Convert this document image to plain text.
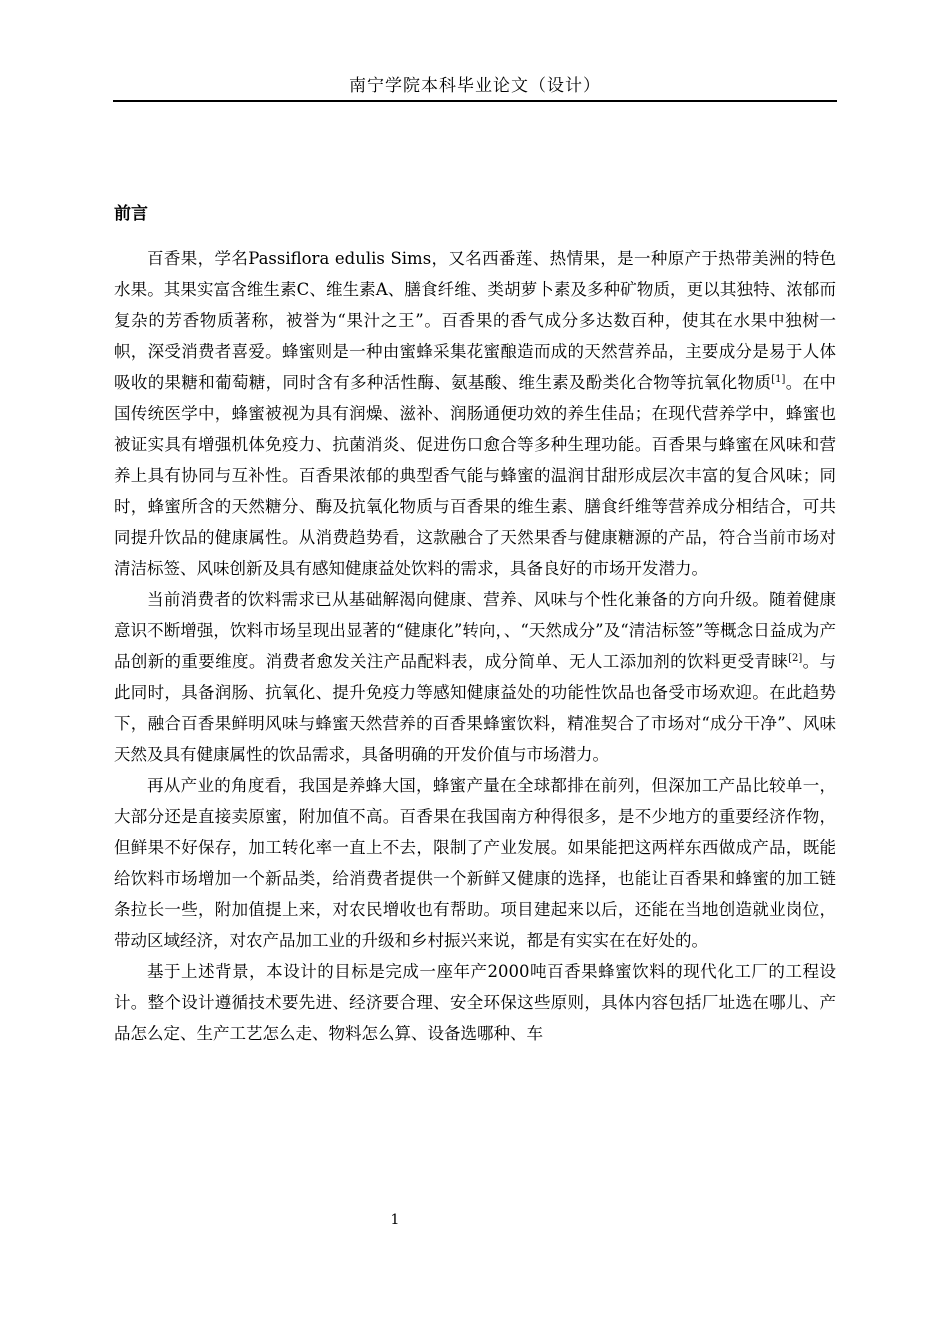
南宁学院本科毕业论文（设计）
前言

百香果，学名Passiflora edulis Sims，又名西番莲、热情果，是一种原产于热带美洲的特色水果。其果实富含维生素C、维生素A、膳食纤维、类胡萝卜素及多种矿物质，更以其独特、浓郁而复杂的芳香物质著称，被誉为“果汁之王”。百香果的香气成分多达数百种，使其在水果中独树一帜，深受消费者喜爱。蜂蜜则是一种由蜜蜂采集花蜜酿造而成的天然营养品，主要成分是易于人体吸收的果糖和葡萄糖，同时含有多种活性酶、氨基酸、维生素及酚类化合物等抗氧化物质[1]。在中国传统医学中，蜂蜜被视为具有润燥、滋补、润肠通便功效的养生佳品；在现代营养学中，蜂蜜也被证实具有增强机体免疫力、抗菌消炎、促进伤口愈合等多种生理功能。百香果与蜂蜜在风味和营养上具有协同与互补性。百香果浓郁的典型香气能与蜂蜜的温润甘甜形成层次丰富的复合风味；同时，蜂蜜所含的天然糖分、酶及抗氧化物质与百香果的维生素、膳食纤维等营养成分相结合，可共同提升饮品的健康属性。从消费趋势看，这款融合了天然果香与健康糖源的产品，符合当前市场对清洁标签、风味创新及具有感知健康益处饮料的需求，具备良好的市场开发潜力。

当前消费者的饮料需求已从基础解渴向健康、营养、风味与个性化兼备的方向升级。随着健康意识不断增强，饮料市场呈现出显著的“健康化”转向，、“天然成分”及“清洁标签”等概念日益成为产品创新的重要维度。消费者愈发关注产品配料表，成分简单、无人工添加剂的饮料更受青睐[2]。与此同时，具备润肠、抗氧化、提升免疫力等感知健康益处的功能性饮品也备受市场欢迎。在此趋势下，融合百香果鲜明风味与蜂蜜天然营养的百香果蜂蜜饮料，精准契合了市场对“成分干净”、风味天然及具有健康属性的饮品需求，具备明确的开发价值与市场潜力。

再从产业的角度看，我国是养蜂大国，蜂蜜产量在全球都排在前列，但深加工产品比较单一，大部分还是直接卖原蜜，附加值不高。百香果在我国南方种得很多，是不少地方的重要经济作物，但鲜果不好保存，加工转化率一直上不去，限制了产业发展。如果能把这两样东西做成产品，既能给饮料市场增加一个新品类，给消费者提供一个新鲜又健康的选择，也能让百香果和蜂蜜的加工链条拉长一些，附加值提上来，对农民增收也有帮助。项目建起来以后，还能在当地创造就业岗位，带动区域经济，对农产品加工业的升级和乡村振兴来说，都是有实实在在好处的。

基于上述背景，本设计的目标是完成一座年产2000吨百香果蜂蜜饮料的现代化工厂的工程设计。整个设计遵循技术要先进、经济要合理、安全环保这些原则，具体内容包括厂址选在哪儿、产品怎么定、生产工艺怎么走、物料怎么算、设备选哪种、车

1
